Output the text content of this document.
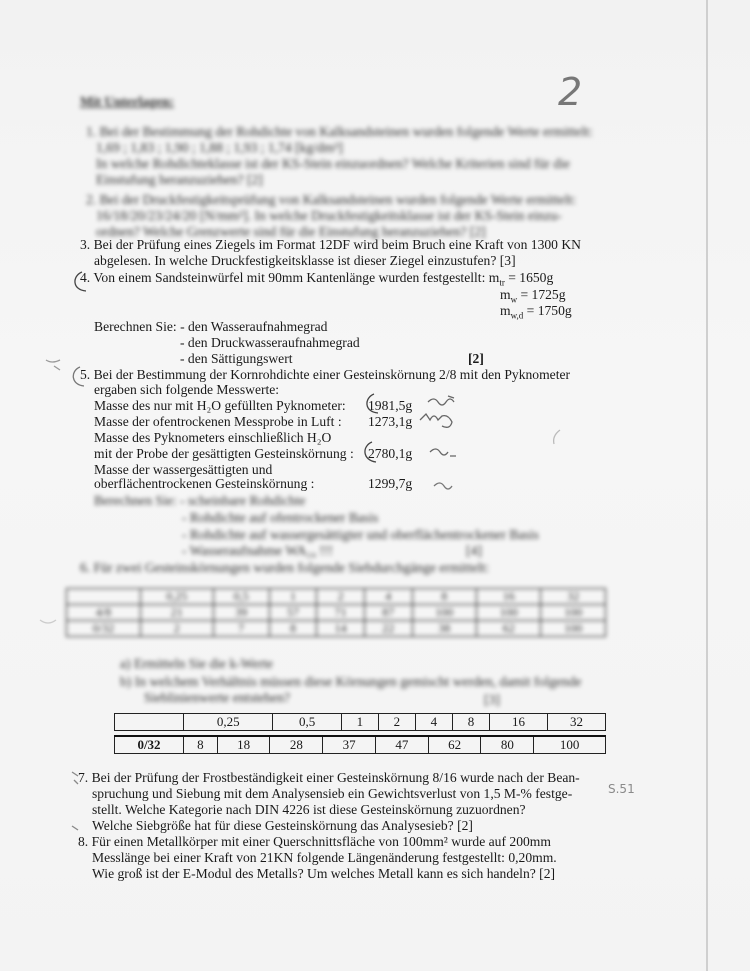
2
Mit Unterlagen:
1. Bei der Bestimmung der Rohdichte von Kalksandsteinen wurden folgende Werte ermittelt:
1,69 ; 1,83 ; 1,90 ; 1,88 ; 1,93 ; 1,74 [kg/dm³]
In welche Rohdichteklasse ist der KS-Stein einzuordnen? Welche Kriterien sind für die
Einstufung heranzuziehen? [2]
2. Bei der Druckfestigkeitsprüfung von Kalksandsteinen wurden folgende Werte ermittelt:
16/18/20/23/24/20 [N/mm²]. In welche Druckfestigkeitsklasse ist der KS-Stein einzu-
ordnen? Welche Grenzwerte sind für die Einstufung heranzuziehen? [2]
3. Bei der Prüfung eines Ziegels im Format 12DF wird beim Bruch eine Kraft von 1300 KN
abgelesen. In welche Druckfestigkeitsklasse ist dieser Ziegel einzustufen? [3]
4. Von einem Sandsteinwürfel mit 90mm Kantenlänge wurden festgestellt: $m_{tr} = 1650g$
$m_w = 1725g$
$m_{w,d} = 1750g$
Berechnen Sie: - den Wasseraufnahmegrad
- den Druckwasseraufnahmegrad
- den Sättigungswert	[2]
5. Bei der Bestimmung der Kornrohdichte einer Gesteinskörnung 2/8 mit den Pyknometer
ergaben sich folgende Messwerte:
Masse des nur mit H₂O gefüllten Pyknometer: 1981,5g
Masse der ofentrockenen Messprobe in Luft : 1273,1g
Masse des Pyknometers einschließlich H₂O
mit der Probe der gesättigten Gesteinskörnung : 2780,1g
Masse der wassergesättigten und
oberflächentrockenen Gesteinskörnung :	1299,7g
Berechnen Sie: - scheinbare Rohdichte
- Rohdichte auf ofentrockener Basis
- Rohdichte auf wassergesättigter und oberflächentrockener Basis
- Wasseraufnahme WA₂₄ !!!	[4]
6. Für zwei Gesteinskörnungen wurden folgende Siebdurchgänge ermittelt:
	0,25	0,5	1	2	4	8	16	32
4/8	21	39	57	71	87	100	100	100
0/32	2	7	8	14	22	38	62	100
a) Ermitteln Sie die k-Werte
b) In welchem Verhältnis müssen diese Körnungen gemischt werden, damit folgende
Sieblinienwerte entstehen?	[3]
	0,25	0,5	1	2	4	8	16	32
0/32	8	18	28	37	47	62	80	100
7. Bei der Prüfung der Frostbeständigkeit einer Gesteinskörnung 8/16 wurde nach der Bean-
spruchung und Siebung mit dem Analysensieb ein Gewichtsverlust von 1,5 M-% festge-
stellt. Welche Kategorie nach DIN 4226 ist diese Gesteinskörnung zuzuordnen?
Welche Siebgröße hat für diese Gesteinskörnung das Analysesieb? [2]
8. Für einen Metallkörper mit einer Querschnittsfläche von 100mm² wurde auf 200mm
Messlänge bei einer Kraft von 21KN folgende Längenänderung festgestellt: 0,20mm.
Wie groß ist der E-Modul des Metalls? Um welches Metall kann es sich handeln? [2]
S.51
